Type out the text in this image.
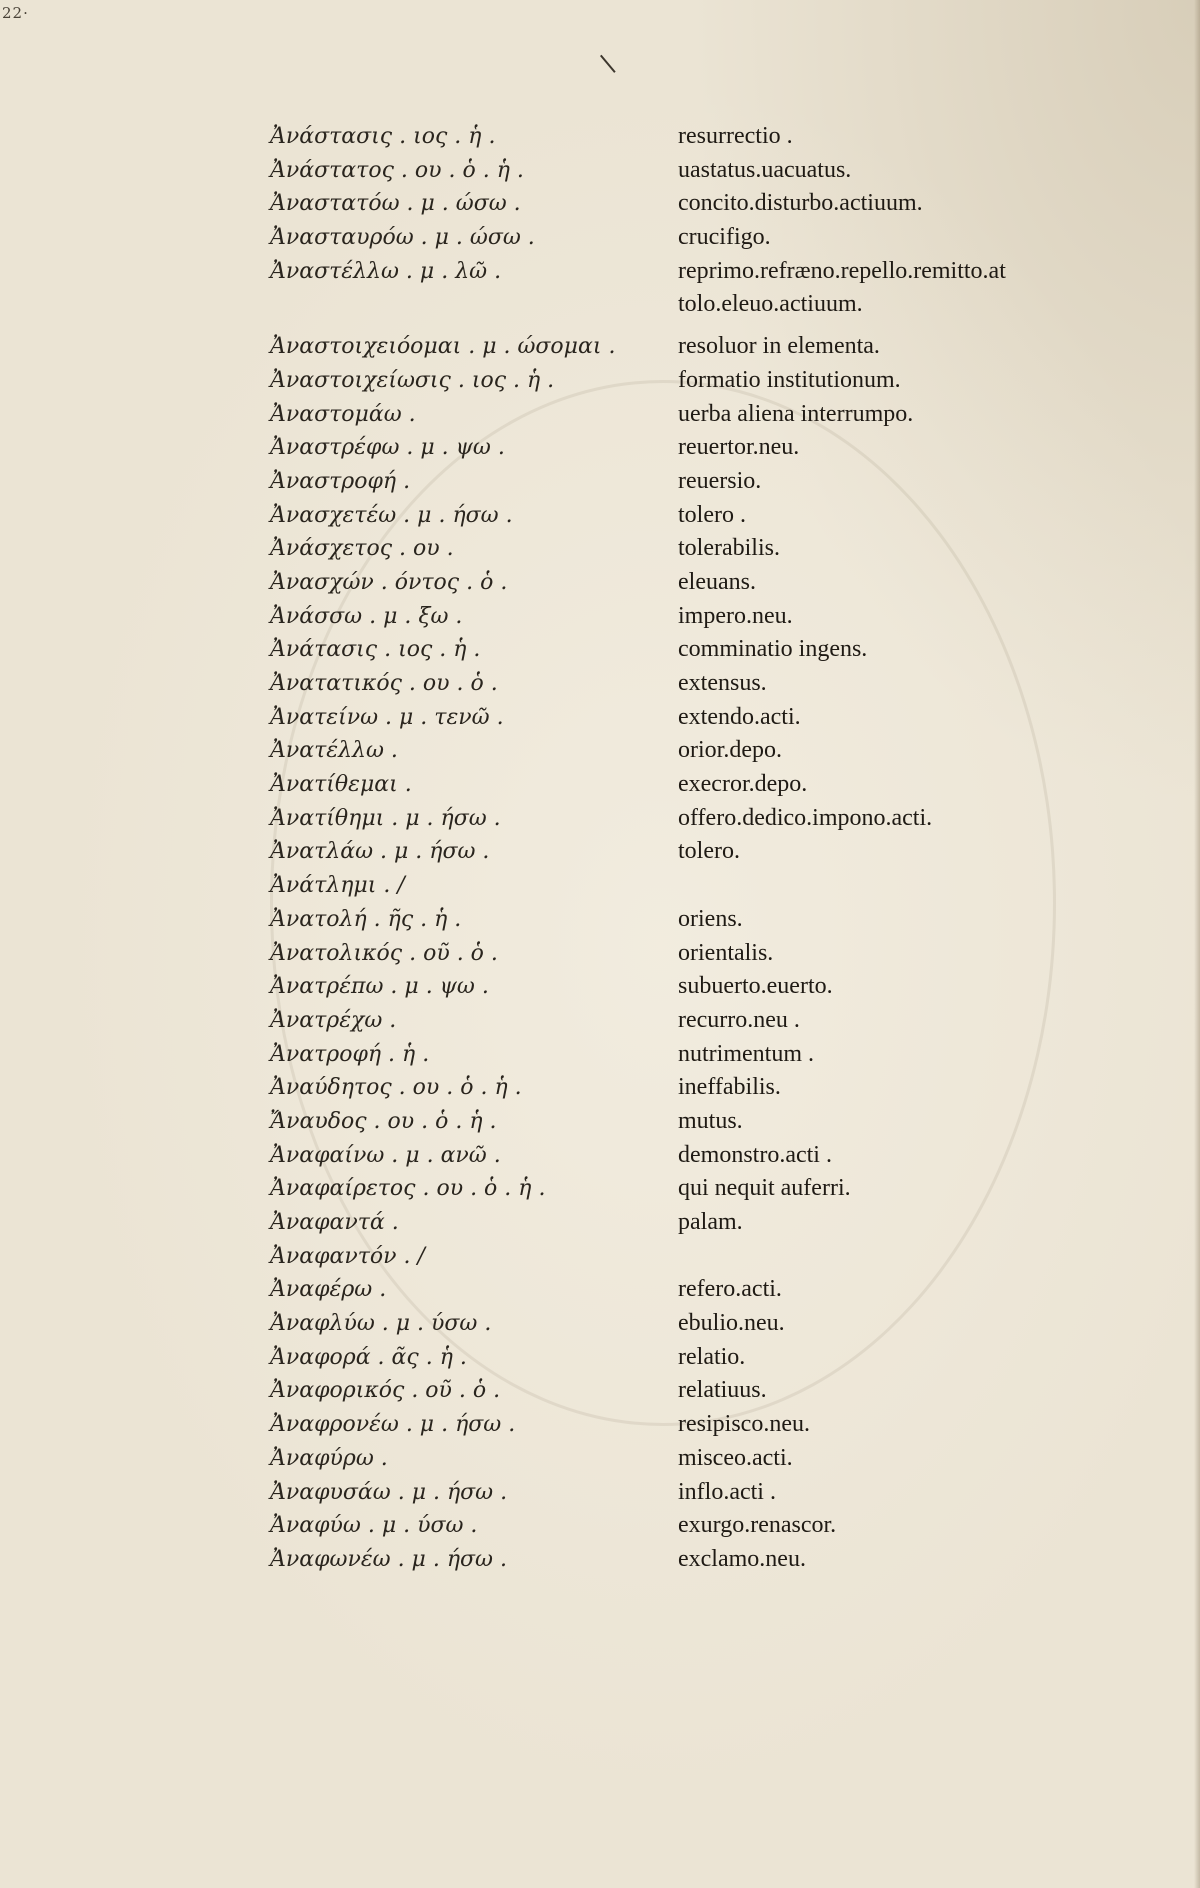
22·
Ἀνάστασις . ιος . ἡ .	resurrectio .
Ἀνάστατος . ου . ὁ . ἡ .	uastatus.uacuatus.
Ἀναστατόω . μ . ώσω .	concito.disturbo.actiuum.
Ἀνασταυρόω . μ . ώσω .	crucifigo.
Ἀναστέλλω . μ . λῶ .	reprimo.refræno.repello.remitto.at
tolo.eleuo.actiuum.
Ἀναστοιχειόομαι . μ . ώσομαι .	resoluor in elementa.
Ἀναστοιχείωσις . ιος . ἡ .	formatio institutionum.
Ἀναστομάω .	uerba aliena interrumpo.
Ἀναστρέφω . μ . ψω .	reuertor.neu.
Ἀναστροφή .	reuersio.
Ἀνασχετέω . μ . ήσω .	tolero .
Ἀνάσχετος . ου .	tolerabilis.
Ἀνασχών . όντος . ὁ .	eleuans.
Ἀνάσσω . μ . ξω .	impero.neu.
Ἀνάτασις . ιος . ἡ .	comminatio ingens.
Ἀνατατικός . ου . ὁ .	extensus.
Ἀνατείνω . μ . τενῶ .	extendo.acti.
Ἀνατέλλω .	orior.depo.
Ἀνατίθεμαι .	execror.depo.
Ἀνατίθημι . μ . ήσω .	offero.dedico.impono.acti.
Ἀνατλάω . μ . ήσω .	tolero.
Ἀνάτλημι . /
Ἀνατολή . ῆς . ἡ .	oriens.
Ἀνατολικός . οῦ . ὁ .	orientalis.
Ἀνατρέπω . μ . ψω .	subuerto.euerto.
Ἀνατρέχω .	recurro.neu .
Ἀνατροφή . ἡ .	nutrimentum .
Ἀναύδητος . ου . ὁ . ἡ .	ineffabilis.
Ἄναυδος . ου . ὁ . ἡ .	mutus.
Ἀναφαίνω . μ . ανῶ .	demonstro.acti .
Ἀναφαίρετος . ου . ὁ . ἡ .	qui nequit auferri.
Ἀναφαντά .	palam.
Ἀναφαντόν . /
Ἀναφέρω .	refero.acti.
Ἀναφλύω . μ . ύσω .	ebulio.neu.
Ἀναφορά . ᾶς . ἡ .	relatio.
Ἀναφορικός . οῦ . ὁ .	relatiuus.
Ἀναφρονέω . μ . ήσω .	resipisco.neu.
Ἀναφύρω .	misceo.acti.
Ἀναφυσάω . μ . ήσω .	inflo.acti .
Ἀναφύω . μ . ύσω .	exurgo.renascor.
Ἀναφωνέω . μ . ήσω .	exclamo.neu.
